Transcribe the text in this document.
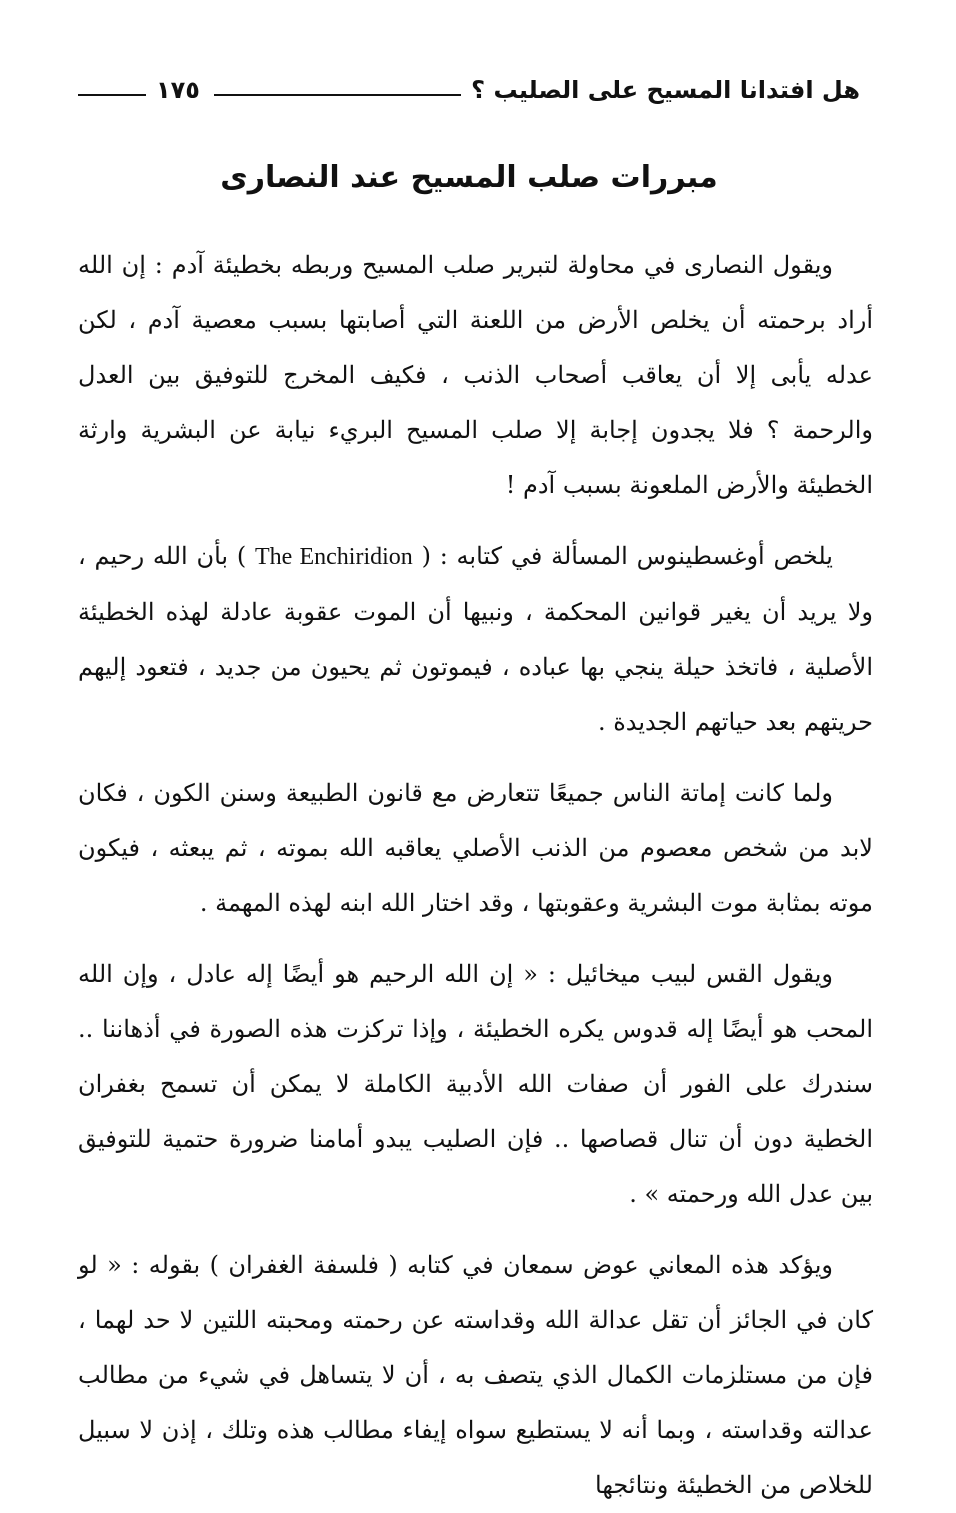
هل افتدانا المسيح على الصليب ؟
١٧٥
مبررات صلب المسيح عند النصارى

ويقول النصارى في محاولة لتبرير صلب المسيح وربطه بخطيئة آدم : إن الله أراد برحمته أن يخلص الأرض من اللعنة التي أصابتها بسبب معصية آدم ، لكن عدله يأبى إلا أن يعاقب أصحاب الذنب ، فكيف المخرج للتوفيق بين العدل والرحمة ؟ فلا يجدون إجابة إلا صلب المسيح البريء نيابة عن البشرية وارثة الخطيئة والأرض الملعونة بسبب آدم !

يلخص أوغسطينوس المسألة في كتابه : ( The Enchiridion ) بأن الله رحيم ، ولا يريد أن يغير قوانين المحكمة ، ونبيها أن الموت عقوبة عادلة لهذه الخطيئة الأصلية ، فاتخذ حيلة ينجي بها عباده ، فيموتون ثم يحيون من جديد ، فتعود إليهم حريتهم بعد حياتهم الجديدة .

ولما كانت إماتة الناس جميعًا تتعارض مع قانون الطبيعة وسنن الكون ، فكان لابد من شخص معصوم من الذنب الأصلي يعاقبه الله بموته ، ثم يبعثه ، فيكون موته بمثابة موت البشرية وعقوبتها ، وقد اختار الله ابنه لهذه المهمة .

ويقول القس لبيب ميخائيل : « إن الله الرحيم هو أيضًا إله عادل ، وإن الله المحب هو أيضًا إله قدوس يكره الخطيئة ، وإذا تركزت هذه الصورة في أذهاننا .. سندرك على الفور أن صفات الله الأدبية الكاملة لا يمكن أن تسمح بغفران الخطية دون أن تنال قصاصها .. فإن الصليب يبدو أمامنا ضرورة حتمية للتوفيق بين عدل الله ورحمته » .

ويؤكد هذه المعاني عوض سمعان في كتابه ( فلسفة الغفران ) بقوله : « لو كان في الجائز أن تقل عدالة الله وقداسته عن رحمته ومحبته اللتين لا حد لهما ، فإن من مستلزمات الكمال الذي يتصف به ، أن لا يتساهل في شيء من مطالب عدالته وقداسته ، وبما أنه لا يستطيع سواه إيفاء مطالب هذه وتلك ، إذن لا سبيل للخلاص من الخطيئة ونتائجها
